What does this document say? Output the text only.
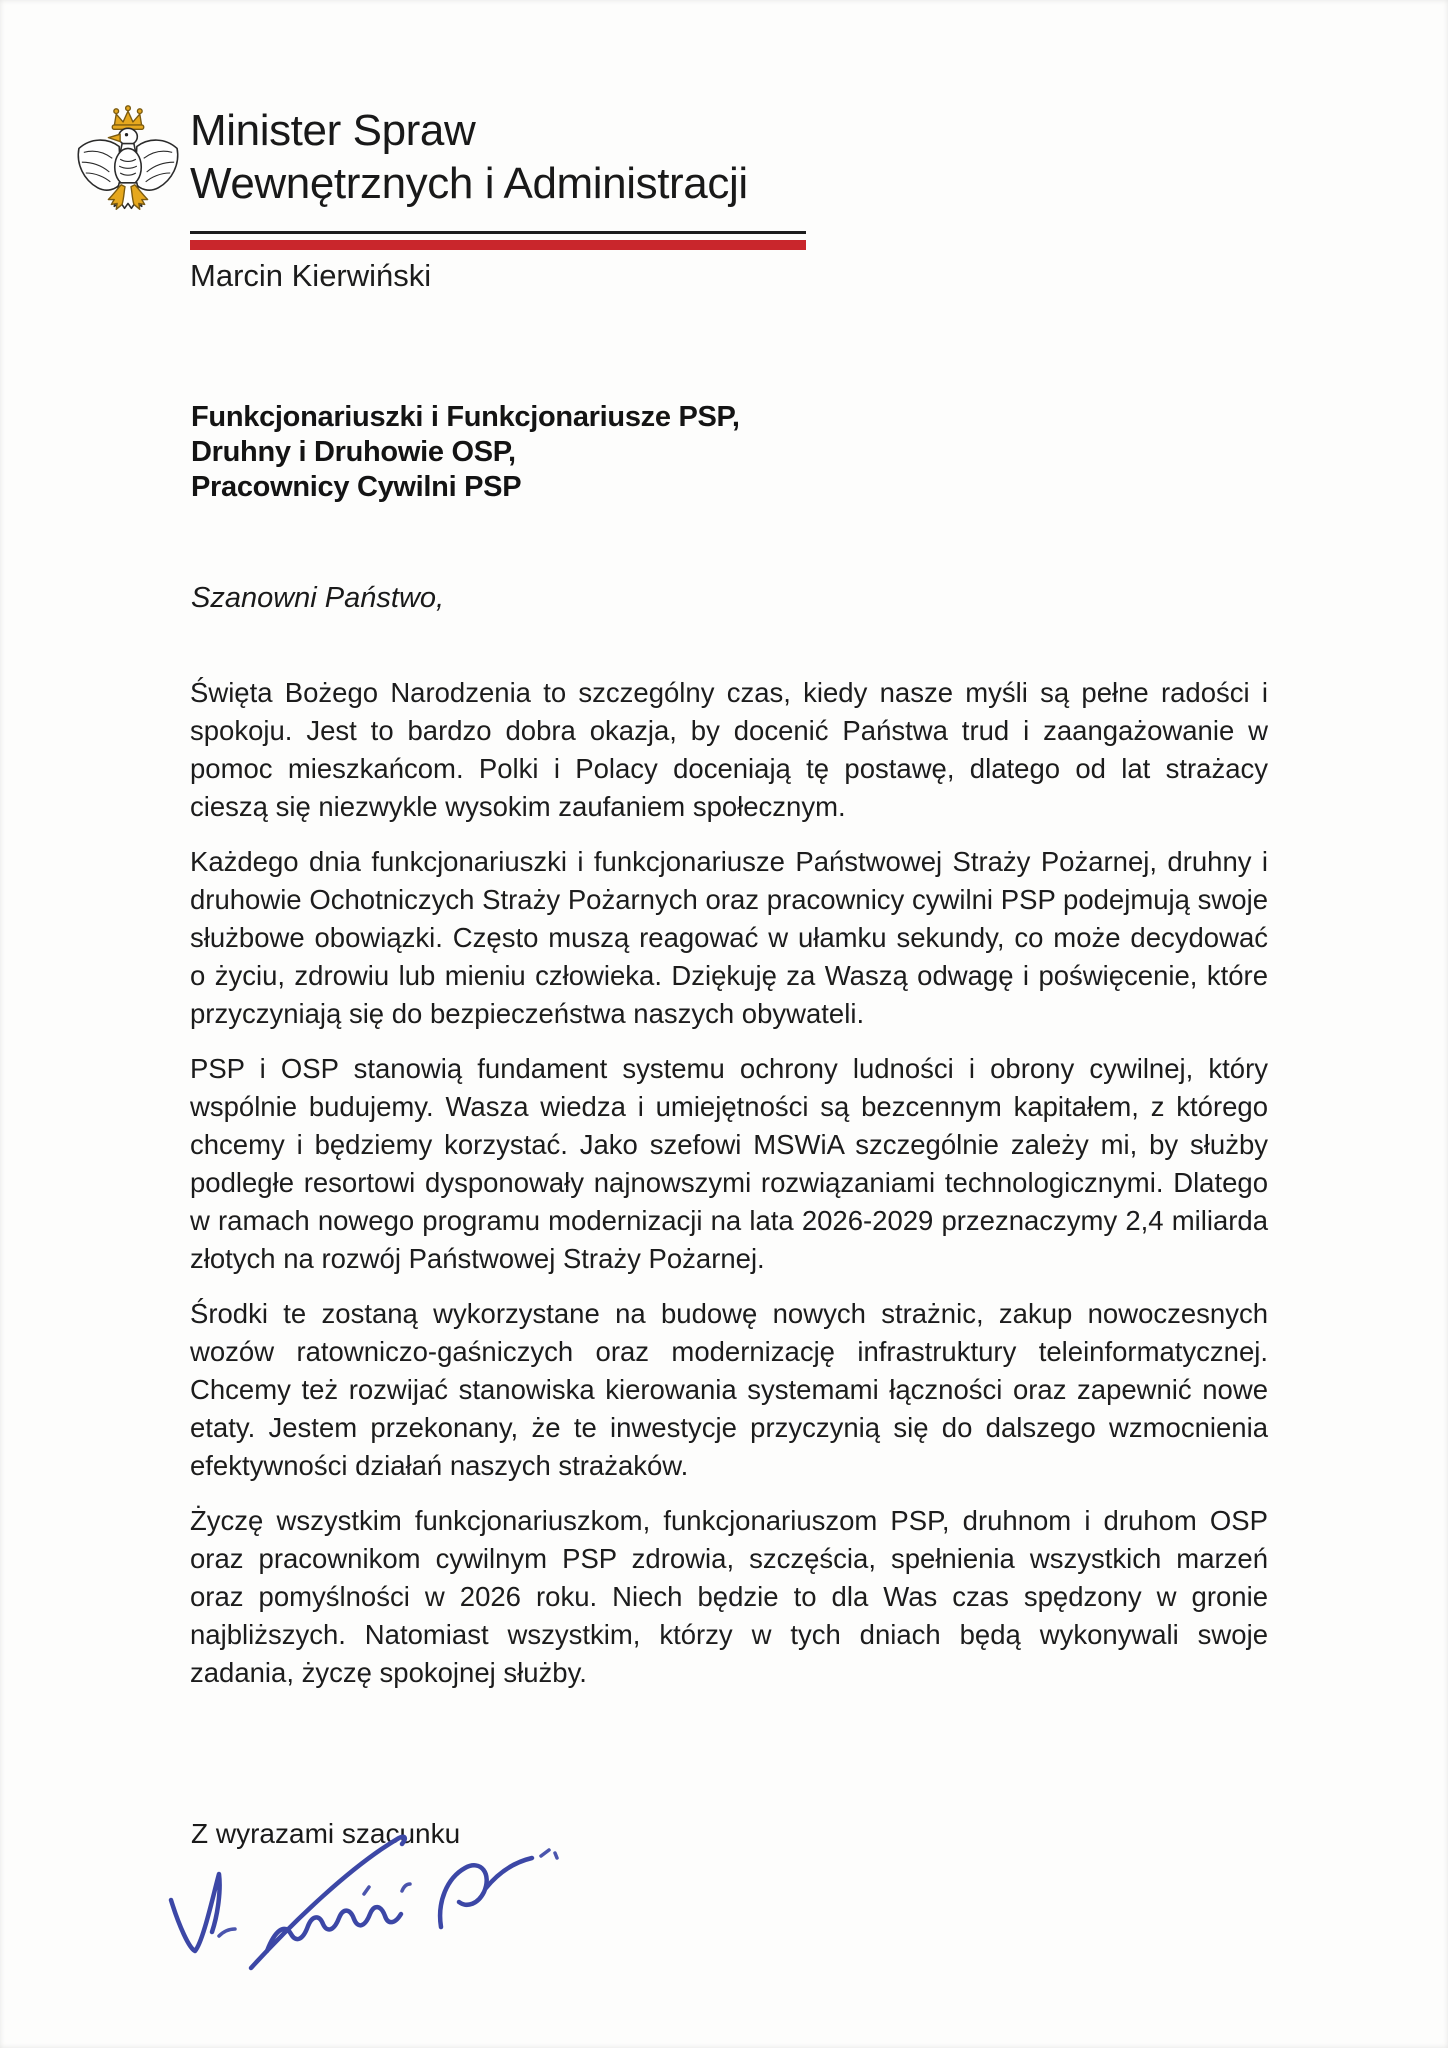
Minister Spraw
Wewnętrznych i Administracji
Marcin Kierwiński
Funkcjonariuszki i Funkcjonariusze PSP,
Druhny i Druhowie OSP,
Pracownicy Cywilni PSP
Szanowni Państwo,

Święta Bożego Narodzenia to szczególny czas, kiedy nasze myśli są pełne radości i spokoju. Jest to bardzo dobra okazja, by docenić Państwa trud i zaangażowanie w pomoc mieszkańcom. Polki i Polacy doceniają tę postawę, dlatego od lat strażacy cieszą się niezwykle wysokim zaufaniem społecznym.

Każdego dnia funkcjonariuszki i funkcjonariusze Państwowej Straży Pożarnej, druhny i druhowie Ochotniczych Straży Pożarnych oraz pracownicy cywilni PSP podejmują swoje służbowe obowiązki. Często muszą reagować w ułamku sekundy, co może decydować o życiu, zdrowiu lub mieniu człowieka. Dziękuję za Waszą odwagę i poświęcenie, które przyczyniają się do bezpieczeństwa naszych obywateli.

PSP i OSP stanowią fundament systemu ochrony ludności i obrony cywilnej, który wspólnie budujemy. Wasza wiedza i umiejętności są bezcennym kapitałem, z którego chcemy i będziemy korzystać. Jako szefowi MSWiA szczególnie zależy mi, by służby podległe resortowi dysponowały najnowszymi rozwiązaniami technologicznymi. Dlatego w ramach nowego programu modernizacji na lata 2026-2029 przeznaczymy 2,4 miliarda złotych na rozwój Państwowej Straży Pożarnej.

Środki te zostaną wykorzystane na budowę nowych strażnic, zakup nowoczesnych wozów ratowniczo-gaśniczych oraz modernizację infrastruktury teleinformatycznej. Chcemy też rozwijać stanowiska kierowania systemami łączności oraz zapewnić nowe etaty. Jestem przekonany, że te inwestycje przyczynią się do dalszego wzmocnienia efektywności działań naszych strażaków.

Życzę wszystkim funkcjonariuszkom, funkcjonariuszom PSP, druhnom i druhom OSP oraz pracownikom cywilnym PSP zdrowia, szczęścia, spełnienia wszystkich marzeń oraz pomyślności w 2026 roku. Niech będzie to dla Was czas spędzony w gronie najbliższych. Natomiast wszystkim, którzy w tych dniach będą wykonywali swoje zadania, życzę spokojnej służby.

Z wyrazami szacunku
